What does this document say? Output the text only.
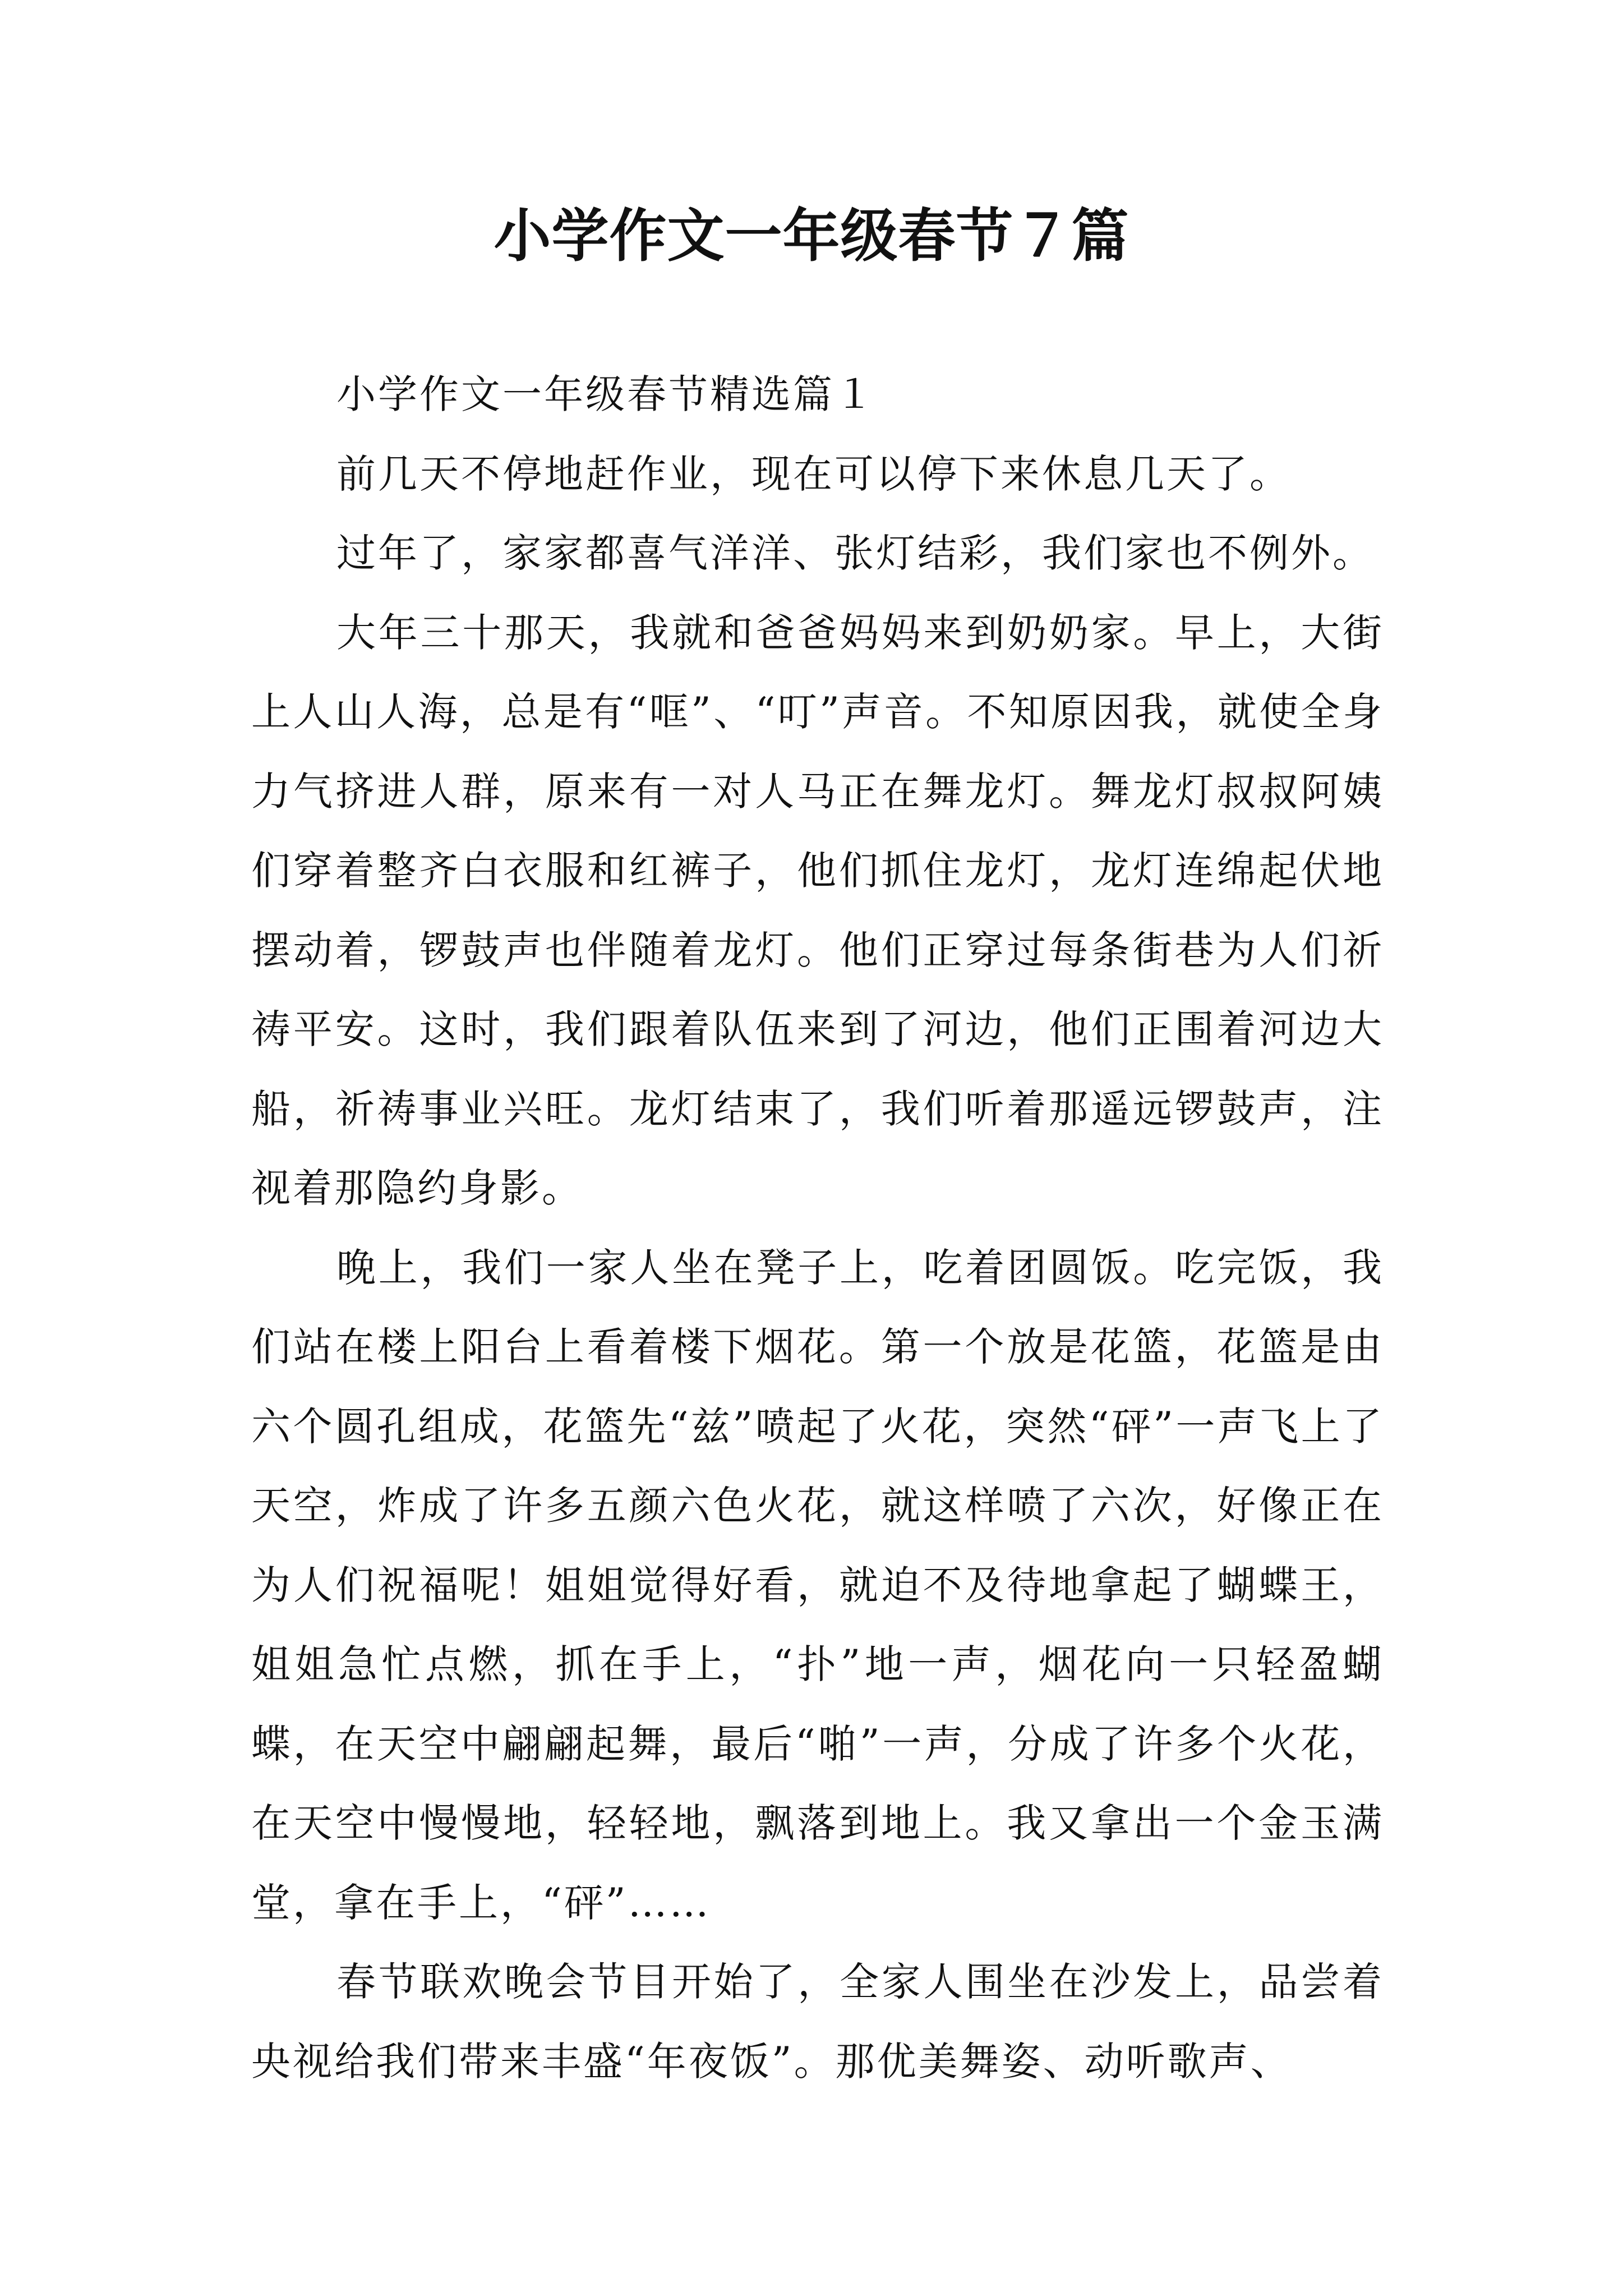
小学作文一年级春节７篇

小学作文一年级春节精选篇１

前几天不停地赶作业，现在可以停下来休息几天了。

过年了，家家都喜气洋洋、张灯结彩，我们家也不例外。

大年三十那天，我就和爸爸妈妈来到奶奶家。早上，大街上人山人海，总是有“哐”、“叮”声音。不知原因我，就使全身力气挤进人群，原来有一对人马正在舞龙灯。舞龙灯叔叔阿姨们穿着整齐白衣服和红裤子，他们抓住龙灯，龙灯连绵起伏地摆动着，锣鼓声也伴随着龙灯。他们正穿过每条街巷为人们祈祷平安。这时，我们跟着队伍来到了河边，他们正围着河边大船，祈祷事业兴旺。龙灯结束了，我们听着那遥远锣鼓声，注视着那隐约身影。

晚上，我们一家人坐在凳子上，吃着团圆饭。吃完饭，我们站在楼上阳台上看着楼下烟花。第一个放是花篮，花篮是由六个圆孔组成，花篮先“兹”喷起了火花，突然“砰”一声飞上了天空，炸成了许多五颜六色火花，就这样喷了六次，好像正在为人们祝福呢！姐姐觉得好看，就迫不及待地拿起了蝴蝶王，姐姐急忙点燃，抓在手上，“扑”地一声，烟花向一只轻盈蝴蝶，在天空中翩翩起舞，最后“啪”一声，分成了许多个火花，在天空中慢慢地，轻轻地，飘落到地上。我又拿出一个金玉满堂，拿在手上，“砰”……

春节联欢晚会节目开始了，全家人围坐在沙发上，品尝着央视给我们带来丰盛“年夜饭”。那优美舞姿、动听歌声、
